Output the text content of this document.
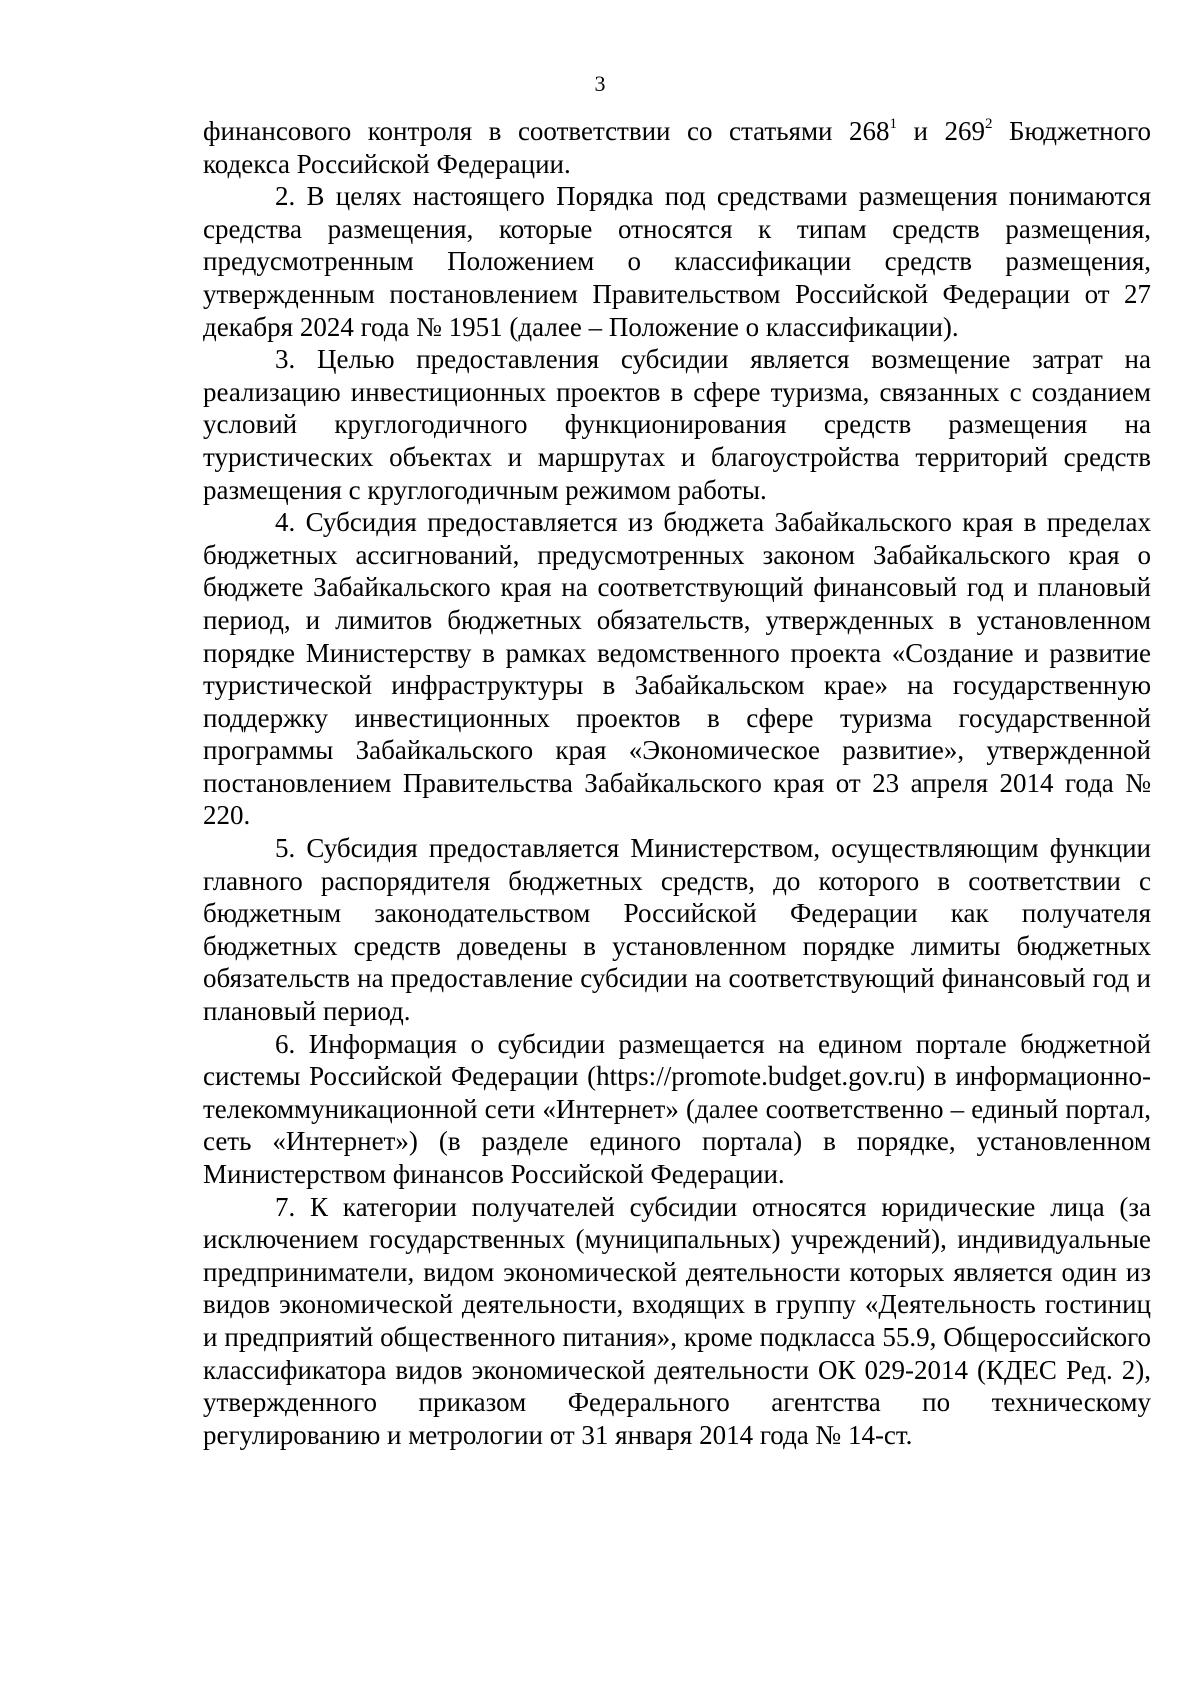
3

финансового контроля в соответствии со статьями $268^1$ и $269^2$ Бюджетного кодекса Российской Федерации.

2. В целях настоящего Порядка под средствами размещения понимаются средства размещения, которые относятся к типам средств размещения, предусмотренным Положением о классификации средств размещения, утвержденным постановлением Правительством Российской Федерации от 27 декабря 2024 года № 1951 (далее – Положение о классификации).

3. Целью предоставления субсидии является возмещение затрат на реализацию инвестиционных проектов в сфере туризма, связанных с созданием условий круглогодичного функционирования средств размещения на туристических объектах и маршрутах и благоустройства территорий средств размещения с круглогодичным режимом работы.

4. Субсидия предоставляется из бюджета Забайкальского края в пределах бюджетных ассигнований, предусмотренных законом Забайкальского края о бюджете Забайкальского края на соответствующий финансовый год и плановый период, и лимитов бюджетных обязательств, утвержденных в установленном порядке Министерству в рамках ведомственного проекта «Создание и развитие туристической инфраструктуры в Забайкальском крае» на государственную поддержку инвестиционных проектов в сфере туризма государственной программы Забайкальского края «Экономическое развитие», утвержденной постановлением Правительства Забайкальского края от 23 апреля 2014 года № 220.

5. Субсидия предоставляется Министерством, осуществляющим функции главного распорядителя бюджетных средств, до которого в соответствии с бюджетным законодательством Российской Федерации как получателя бюджетных средств доведены в установленном порядке лимиты бюджетных обязательств на предоставление субсидии на соответствующий финансовый год и плановый период.

6. Информация о субсидии размещается на едином портале бюджетной системы Российской Федерации (https://promote.budget.gov.ru) в информационно-телекоммуникационной сети «Интернет» (далее соответственно – единый портал, сеть «Интернет») (в разделе единого портала) в порядке, установленном Министерством финансов Российской Федерации.

7. К категории получателей субсидии относятся юридические лица (за исключением государственных (муниципальных) учреждений), индивидуальные предприниматели, видом экономической деятельности которых является один из видов экономической деятельности, входящих в группу «Деятельность гостиниц и предприятий общественного питания», кроме подкласса 55.9, Общероссийского классификатора видов экономической деятельности ОК 029-2014 (КДЕС Ред. 2), утвержденного приказом Федерального агентства по техническому регулированию и метрологии от 31 января 2014 года № 14-ст.
